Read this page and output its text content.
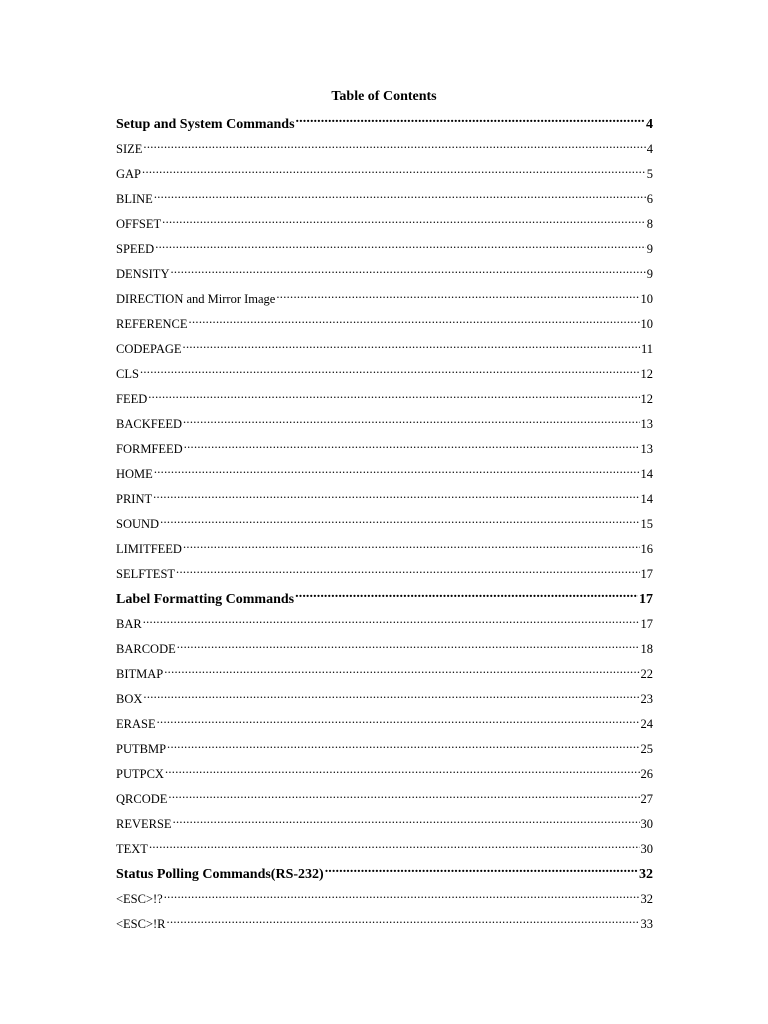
Table of Contents
Setup and System Commands .....	4
SIZE .....	4
GAP .....	5
BLINE .....	6
OFFSET .....	8
SPEED .....	9
DENSITY .....	9
DIRECTION and Mirror Image .....	10
REFERENCE .....	10
CODEPAGE .....	11
CLS .....	12
FEED .....	12
BACKFEED .....	13
FORMFEED .....	13
HOME .....	14
PRINT .....	14
SOUND .....	15
LIMITFEED .....	16
SELFTEST .....	17
Label Formatting Commands .....	17
BAR .....	17
BARCODE .....	18
BITMAP .....	22
BOX .....	23
ERASE .....	24
PUTBMP .....	25
PUTPCX .....	26
QRCODE .....	27
REVERSE .....	30
TEXT .....	30
Status Polling Commands(RS-232) .....	32
<ESC>!? .....	32
<ESC>!R .....	33
